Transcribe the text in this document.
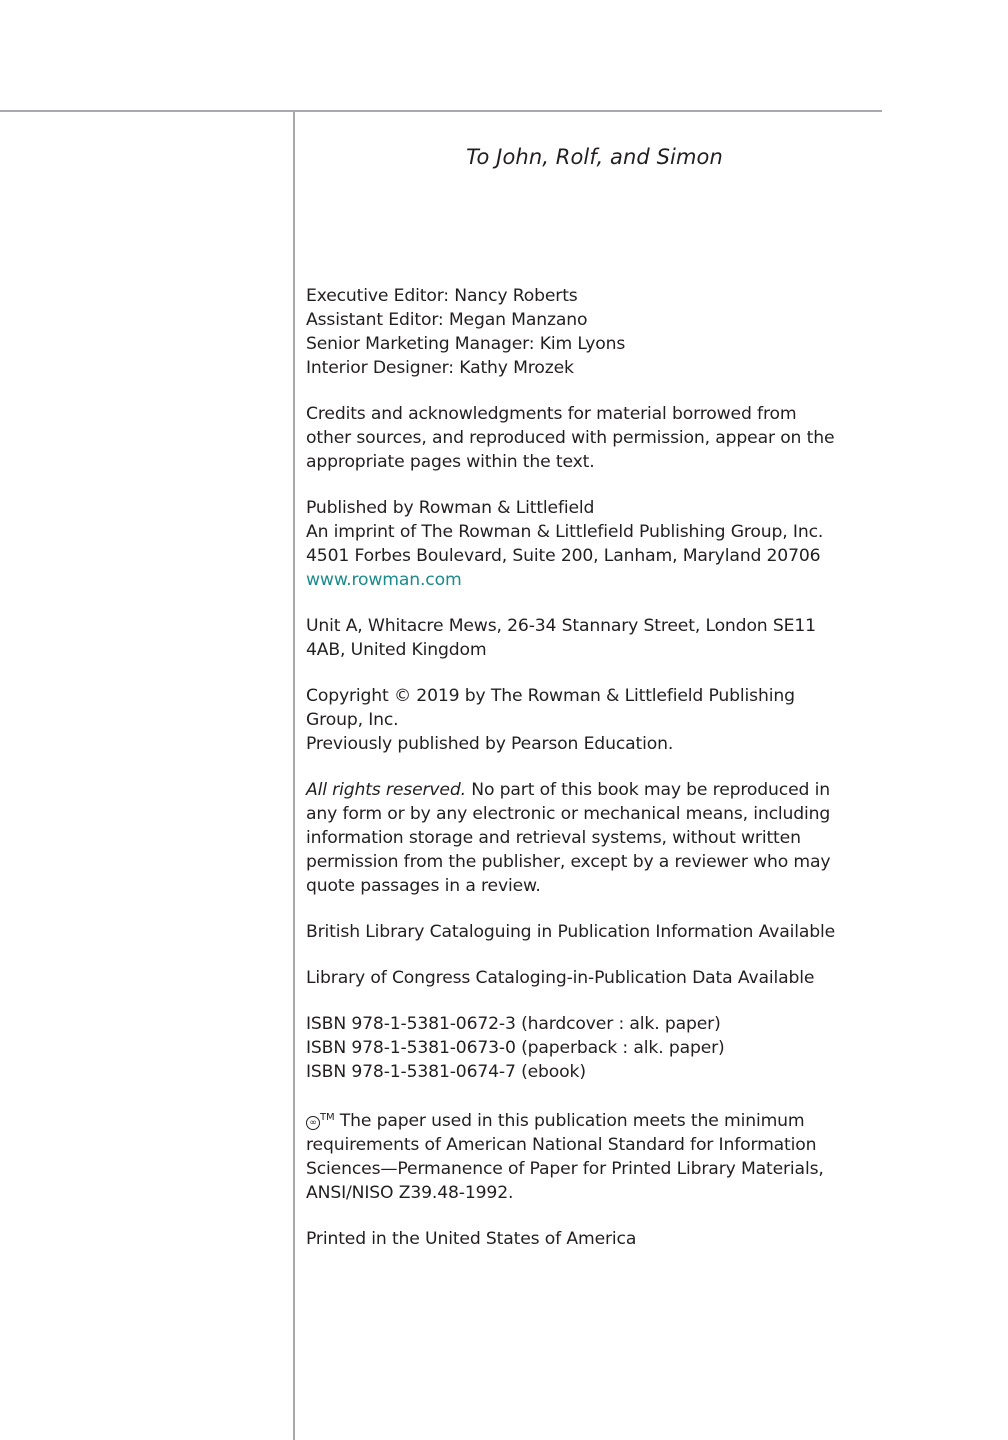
To John, Rolf, and Simon
Executive Editor: Nancy Roberts
Assistant Editor: Megan Manzano
Senior Marketing Manager: Kim Lyons
Interior Designer: Kathy Mrozek
Credits and acknowledgments for material borrowed from
other sources, and reproduced with permission, appear on the
appropriate pages within the text.
Published by Rowman & Littlefield
An imprint of The Rowman & Littlefield Publishing Group, Inc.
4501 Forbes Boulevard, Suite 200, Lanham, Maryland 20706
www.rowman.com
Unit A, Whitacre Mews, 26-34 Stannary Street, London SE11
4AB, United Kingdom
Copyright © 2019 by The Rowman & Littlefield Publishing
Group, Inc.
Previously published by Pearson Education.
All rights reserved. No part of this book may be reproduced in
any form or by any electronic or mechanical means, including
information storage and retrieval systems, without written
permission from the publisher, except by a reviewer who may
quote passages in a review.
British Library Cataloguing in Publication Information Available
Library of Congress Cataloging-in-Publication Data Available
ISBN 978-1-5381-0672-3 (hardcover : alk. paper)
ISBN 978-1-5381-0673-0 (paperback : alk. paper)
ISBN 978-1-5381-0674-7 (ebook)
∞ ™ The paper used in this publication meets the minimum
requirements of American National Standard for Information
Sciences—Permanence of Paper for Printed Library Materials,
ANSI/NISO Z39.48-1992.
Printed in the United States of America
